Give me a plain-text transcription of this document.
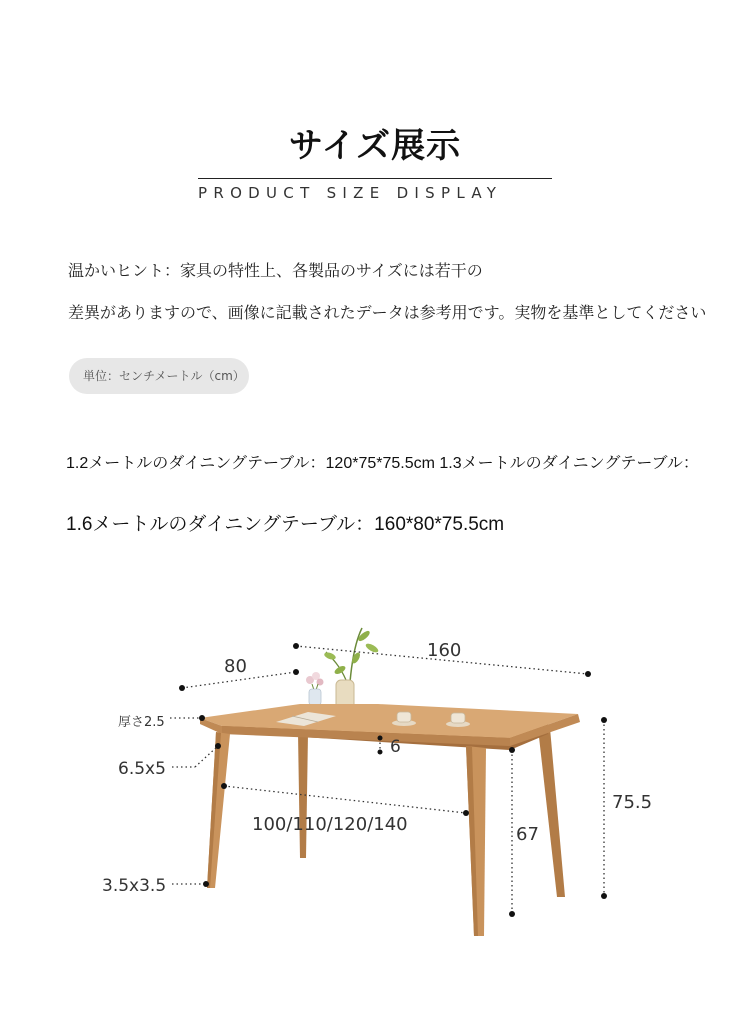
サイズ展示
PRODUCT SIZE DISPLAY
温かいヒント：家具の特性上、各製品のサイズには若干の
差異がありますので、画像に記載されたデータは参考用です。実物を基準としてください
単位：センチメートル（cm）
1.2メートルのダイニングテーブル：120*75*75.5cm 1.3メートルのダイニングテーブル：
1.6メートルのダイニングテーブル：160*80*75.5cm
80
160
厚さ2.5
6.5x5
6
100/110/120/140
75.5
67
3.5x3.5
